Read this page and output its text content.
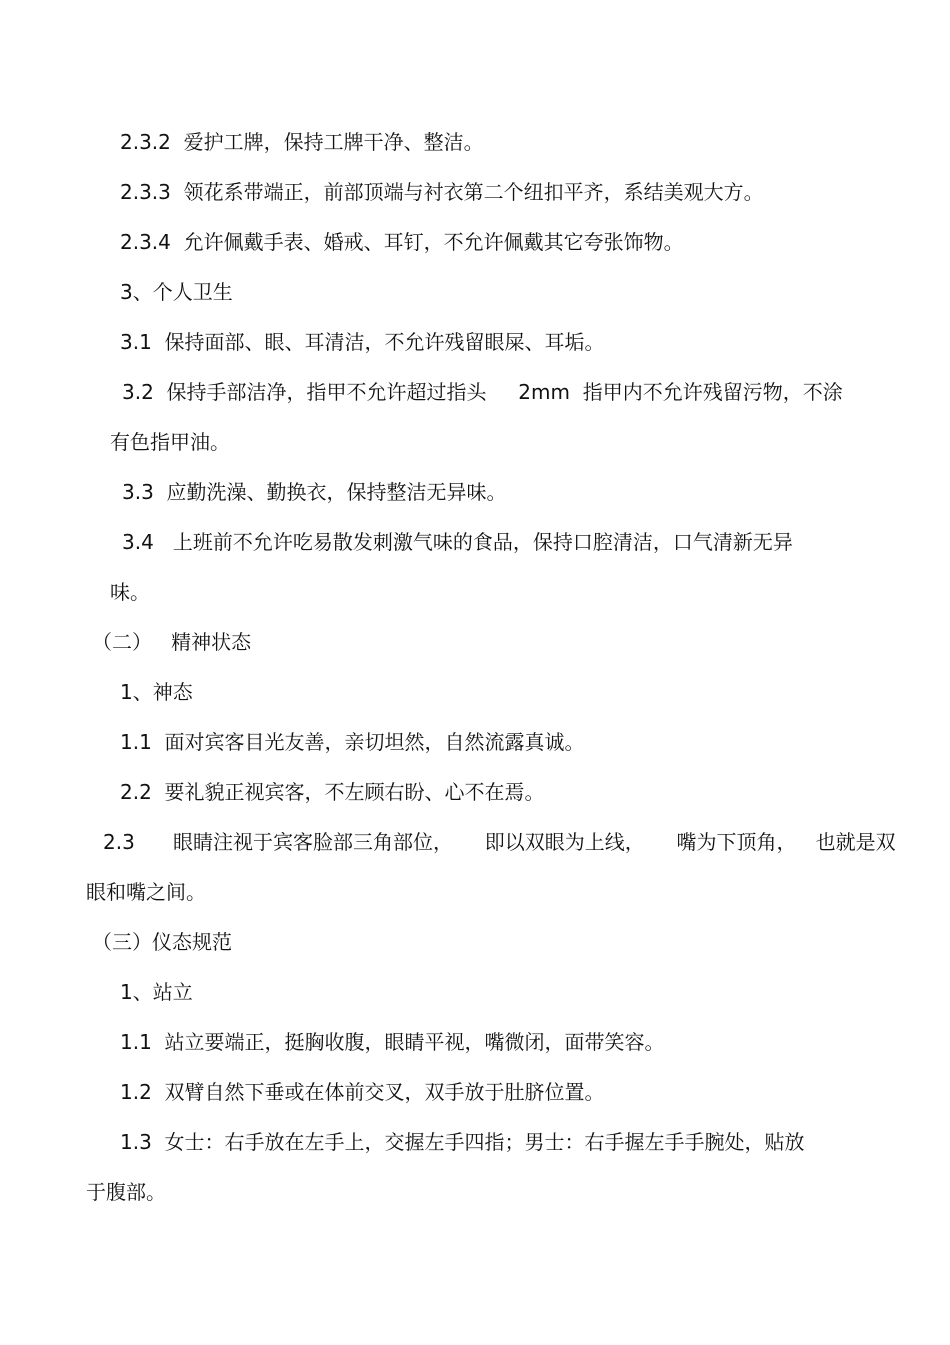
2.3.2  爱护工牌，保持工牌干净、整洁。
2.3.3  领花系带端正，前部顶端与衬衣第二个纽扣平齐，系结美观大方。
2.3.4  允许佩戴手表、婚戒、耳钉，不允许佩戴其它夸张饰物。
3、个人卫生
3.1  保持面部、眼、耳清洁，不允许残留眼屎、耳垢。
3.2  保持手部洁净，指甲不允许超过指头     2mm  指甲内不允许残留污物，不涂
有色指甲油。
3.3  应勤洗澡、勤换衣，保持整洁无异味。
3.4   上班前不允许吃易散发刺激气味的食品，保持口腔清洁，口气清新无异
味。
（二）   精神状态
1、神态
1.1  面对宾客目光友善，亲切坦然，自然流露真诚。
2.2  要礼貌正视宾客，不左顾右盼、心不在焉。
2.3      眼睛注视于宾客脸部三角部位，     即以双眼为上线，     嘴为下顶角，   也就是双
眼和嘴之间。
（三）仪态规范
1、站立
1.1  站立要端正，挺胸收腹，眼睛平视，嘴微闭，面带笑容。
1.2  双臂自然下垂或在体前交叉，双手放于肚脐位置。
1.3  女士：右手放在左手上，交握左手四指；男士：右手握左手手腕处，贴放
于腹部。
